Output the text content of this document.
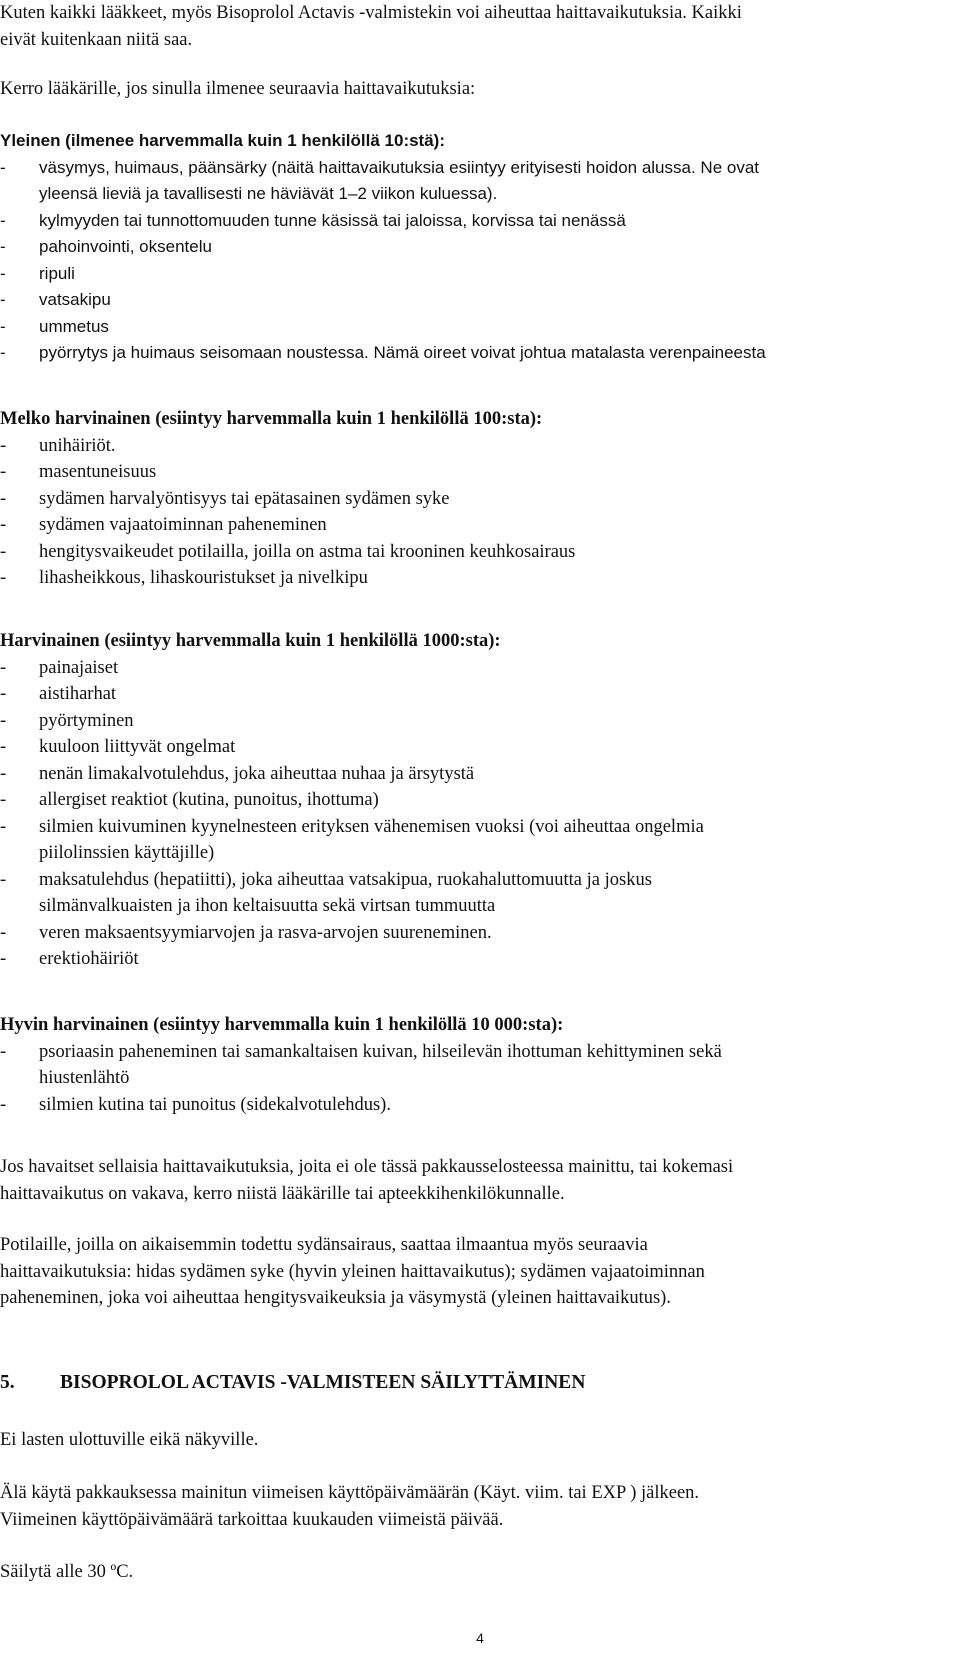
Kuten kaikki lääkkeet, myös Bisoprolol Actavis -valmistekin voi aiheuttaa haittavaikutuksia. Kaikki

eivät kuitenkaan niitä saa.

Kerro lääkärille, jos sinulla ilmenee seuraavia haittavaikutuksia:

Yleinen (ilmenee harvemmalla kuin 1 henkilöllä 10:stä):

-	väsymys, huimaus, päänsärky (näitä haittavaikutuksia esiintyy erityisesti hoidon alussa. Ne ovat
yleensä lieviä ja tavallisesti ne häviävät 1–2 viikon kuluessa).
-	kylmyyden tai tunnottomuuden tunne käsissä tai jaloissa, korvissa tai nenässä
-	pahoinvointi, oksentelu
-	ripuli
-	vatsakipu
-	ummetus
-	pyörrytys ja huimaus seisomaan noustessa. Nämä oireet voivat johtua matalasta verenpaineesta

Melko harvinainen (esiintyy harvemmalla kuin 1 henkilöllä 100:sta):

-	unihäiriöt.
-	masentuneisuus
-	sydämen harvalyöntisyys tai epätasainen sydämen syke
-	sydämen vajaatoiminnan paheneminen
-	hengitysvaikeudet potilailla, joilla on astma tai krooninen keuhkosairaus
-	lihasheikkous, lihaskouristukset ja nivelkipu

Harvinainen (esiintyy harvemmalla kuin 1 henkilöllä 1000:sta):

-	painajaiset
-	aistiharhat
-	pyörtyminen
-	kuuloon liittyvät ongelmat
-	nenän limakalvotulehdus, joka aiheuttaa nuhaa ja ärsytystä
-	allergiset reaktiot (kutina, punoitus, ihottuma)
-	silmien kuivuminen kyynelnesteen erityksen vähenemisen vuoksi (voi aiheuttaa ongelmia
piilolinssien käyttäjille)
-	maksatulehdus (hepatiitti), joka aiheuttaa vatsakipua, ruokahaluttomuutta ja joskus
silmänvalkuaisten ja ihon keltaisuutta sekä virtsan tummuutta
-	veren maksaentsyymiarvojen ja rasva-arvojen suureneminen.
-	erektiohäiriöt

Hyvin harvinainen (esiintyy harvemmalla kuin 1 henkilöllä 10 000:sta):

-	psoriaasin paheneminen tai samankaltaisen kuivan, hilseilevän ihottuman kehittyminen sekä
hiustenlähtö
-	silmien kutina tai punoitus (sidekalvotulehdus).

Jos havaitset sellaisia haittavaikutuksia, joita ei ole tässä pakkausselosteessa mainittu, tai kokemasi

haittavaikutus on vakava, kerro niistä lääkärille tai apteekkihenkilökunnalle.

Potilaille, joilla on aikaisemmin todettu sydänsairaus, saattaa ilmaantua myös seuraavia

haittavaikutuksia: hidas sydämen syke (hyvin yleinen haittavaikutus); sydämen vajaatoiminnan

paheneminen, joka voi aiheuttaa hengitysvaikeuksia ja väsymystä (yleinen haittavaikutus).

5.	BISOPROLOL ACTAVIS -VALMISTEEN SÄILYTTÄMINEN

Ei lasten ulottuville eikä näkyville.

Älä käytä pakkauksessa mainitun viimeisen käyttöpäivämäärän (Käyt. viim. tai EXP ) jälkeen.

Viimeinen käyttöpäivämäärä tarkoittaa kuukauden viimeistä päivää.

Säilytä alle 30 ºC.

4
